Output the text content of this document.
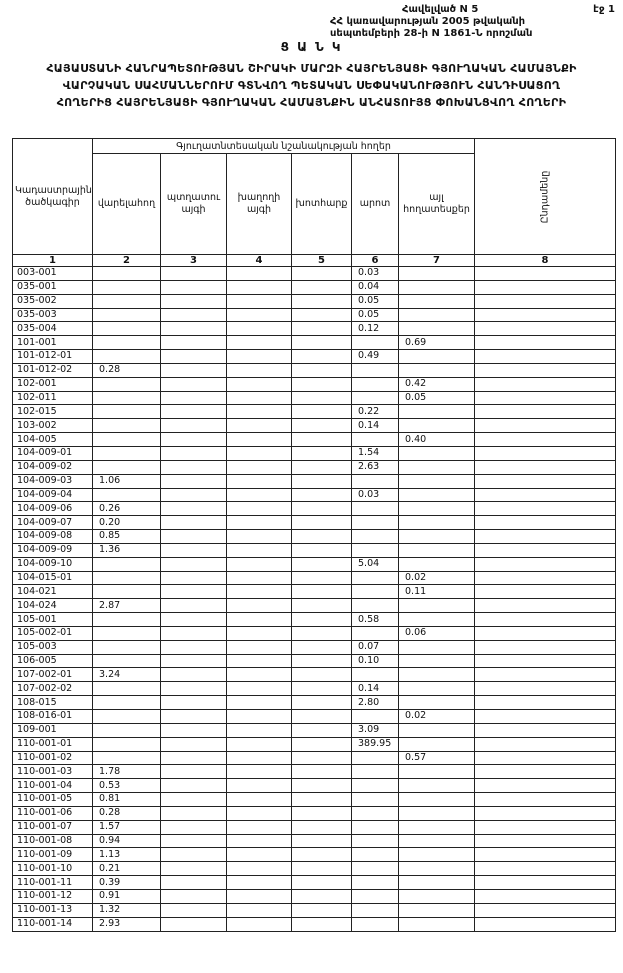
Հավելված N 5	էջ 1
ՀՀ կառավարության 2005 թվականի
սեպտեմբերի 28-ի N 1861-Ն որոշման
Ց Ա Ն Կ
ՀԱՅԱՍՏԱՆԻ ՀԱՆՐԱՊԵՏՈՒԹՅԱՆ ՇԻՐԱԿԻ ՄԱՐԶԻ ՀԱՅՐԵՆՅԱՑԻ ԳՅՈՒՂԱԿԱՆ ՀԱՄԱՅՆՔԻ
ՎԱՐՉԱԿԱՆ ՍԱՀՄԱՆՆԵՐՈՒՄ ԳՏՆՎՈՂ ՊԵՏԱԿԱՆ ՍԵՓԱԿԱՆՈՒԹՅՈՒՆ ՀԱՆԴԻՍԱՑՈՂ
ՀՈՂԵՐԻՑ ՀԱՅՐԵՆՅԱՑԻ ԳՅՈՒՂԱԿԱՆ ՀԱՄԱՅՆՔԻՆ ԱՆՀԱՏՈՒՅՑ ՓՈԽԱՆՑՎՈՂ ՀՈՂԵՐԻ
Կադաստրային ծածկագիր	Գյուղատնտեսական նշանակության հողեր						Ընդամենը

	վարելահող	պտղատու այգի	խաղողի այգի	խոտհարք	արոտ	այլ հողատեսքեր	
1	2	3	4	5	6	7	8
003-001					0.03		
035-001					0.04		
035-002					0.05		
035-003					0.05		
035-004					0.12		
101-001						0.69	
101-012-01					0.49		
101-012-02	0.28						
102-001						0.42	
102-011						0.05	
102-015					0.22		
103-002					0.14		
104-005						0.40	
104-009-01					1.54		
104-009-02					2.63		
104-009-03	1.06						
104-009-04					0.03		
104-009-06	0.26						
104-009-07	0.20						
104-009-08	0.85						
104-009-09	1.36						
104-009-10					5.04		
104-015-01						0.02	
104-021						0.11	
104-024	2.87						
105-001					0.58		
105-002-01						0.06	
105-003					0.07		
106-005					0.10		
107-002-01	3.24						
107-002-02					0.14		
108-015					2.80		
108-016-01						0.02	
109-001					3.09		
110-001-01					389.95		
110-001-02						0.57	
110-001-03	1.78						
110-001-04	0.53						
110-001-05	0.81						
110-001-06	0.28						
110-001-07	1.57						
110-001-08	0.94						
110-001-09	1.13						
110-001-10	0.21						
110-001-11	0.39						
110-001-12	0.91						
110-001-13	1.32						
110-001-14	2.93						
